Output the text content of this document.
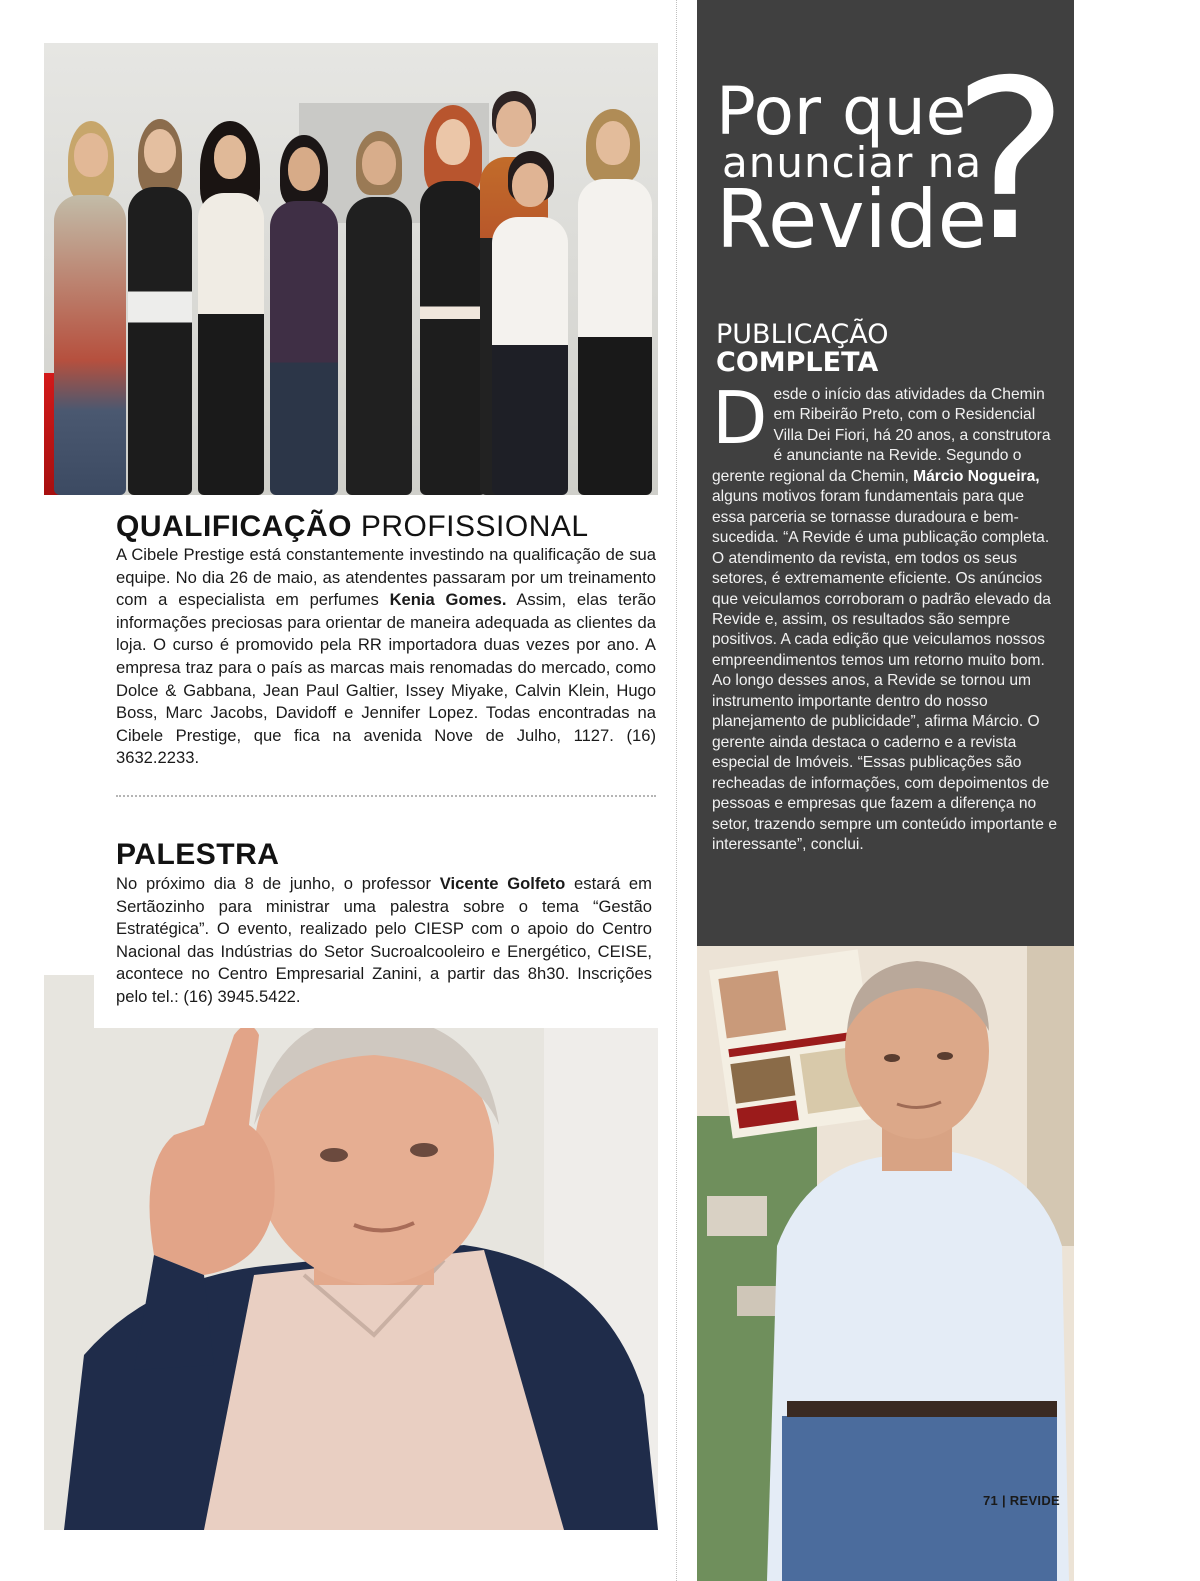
QUALIFICAÇÃO PROFISSIONAL

A Cibele Prestige está constantemente investindo na qualificação de sua equipe. No dia 26 de maio, as atendentes passaram por um treinamento com a especialista em perfumes Kenia Gomes. Assim, elas terão informações preciosas para orientar de maneira adequada as clientes da loja. O curso é promovido pela RR importadora duas vezes por ano. A empresa traz para o país as marcas mais renomadas do mercado, como Dolce & Gabbana, Jean Paul Galtier, Issey Miyake, Calvin Klein, Hugo Boss, Marc Jacobs, Davidoff e Jennifer Lopez. Todas encontradas na Cibele Prestige, que fica na avenida Nove de Julho, 1127. (16) 3632.2233.

PALESTRA

No próximo dia 8 de junho, o professor Vicente Golfeto estará em Sertãozinho para ministrar uma palestra sobre o tema “Gestão Estratégica”. O evento, realizado pelo CIESP com o apoio do Centro Nacional das Indústrias do Setor Sucroalcooleiro e Energético, CEISE, acontece no Centro Empresarial Zanini, a partir das 8h30. Inscrições pelo tel.: (16) 3945.5422.

Por que

anunciar na

Revide

?

PUBLICAÇÃO

COMPLETA

Desde o início das atividades da Chemin em Ribeirão Preto, com o Residencial Villa Dei Fiori, há 20 anos, a construtora é anunciante na Revide. Segundo o gerente regional da Chemin, Márcio Nogueira, alguns motivos foram fundamentais para que essa parceria se tornasse duradoura e bem-sucedida. “A Revide é uma publicação completa. O atendimento da revista, em todos os seus setores, é extremamente eficiente. Os anúncios que veiculamos corroboram o padrão elevado da Revide e, assim, os resultados são sempre positivos. A cada edição que veiculamos nossos empreendimentos temos um retorno muito bom. Ao longo desses anos, a Revide se tornou um instrumento importante dentro do nosso planejamento de publicidade”, afirma Márcio. O gerente ainda destaca o caderno e a revista especial de Imóveis. “Essas publicações são recheadas de informações, com depoimentos de pessoas e empresas que fazem a diferença no setor, trazendo sempre um conteúdo importante e interessante”, conclui.

71 | REVIDE
